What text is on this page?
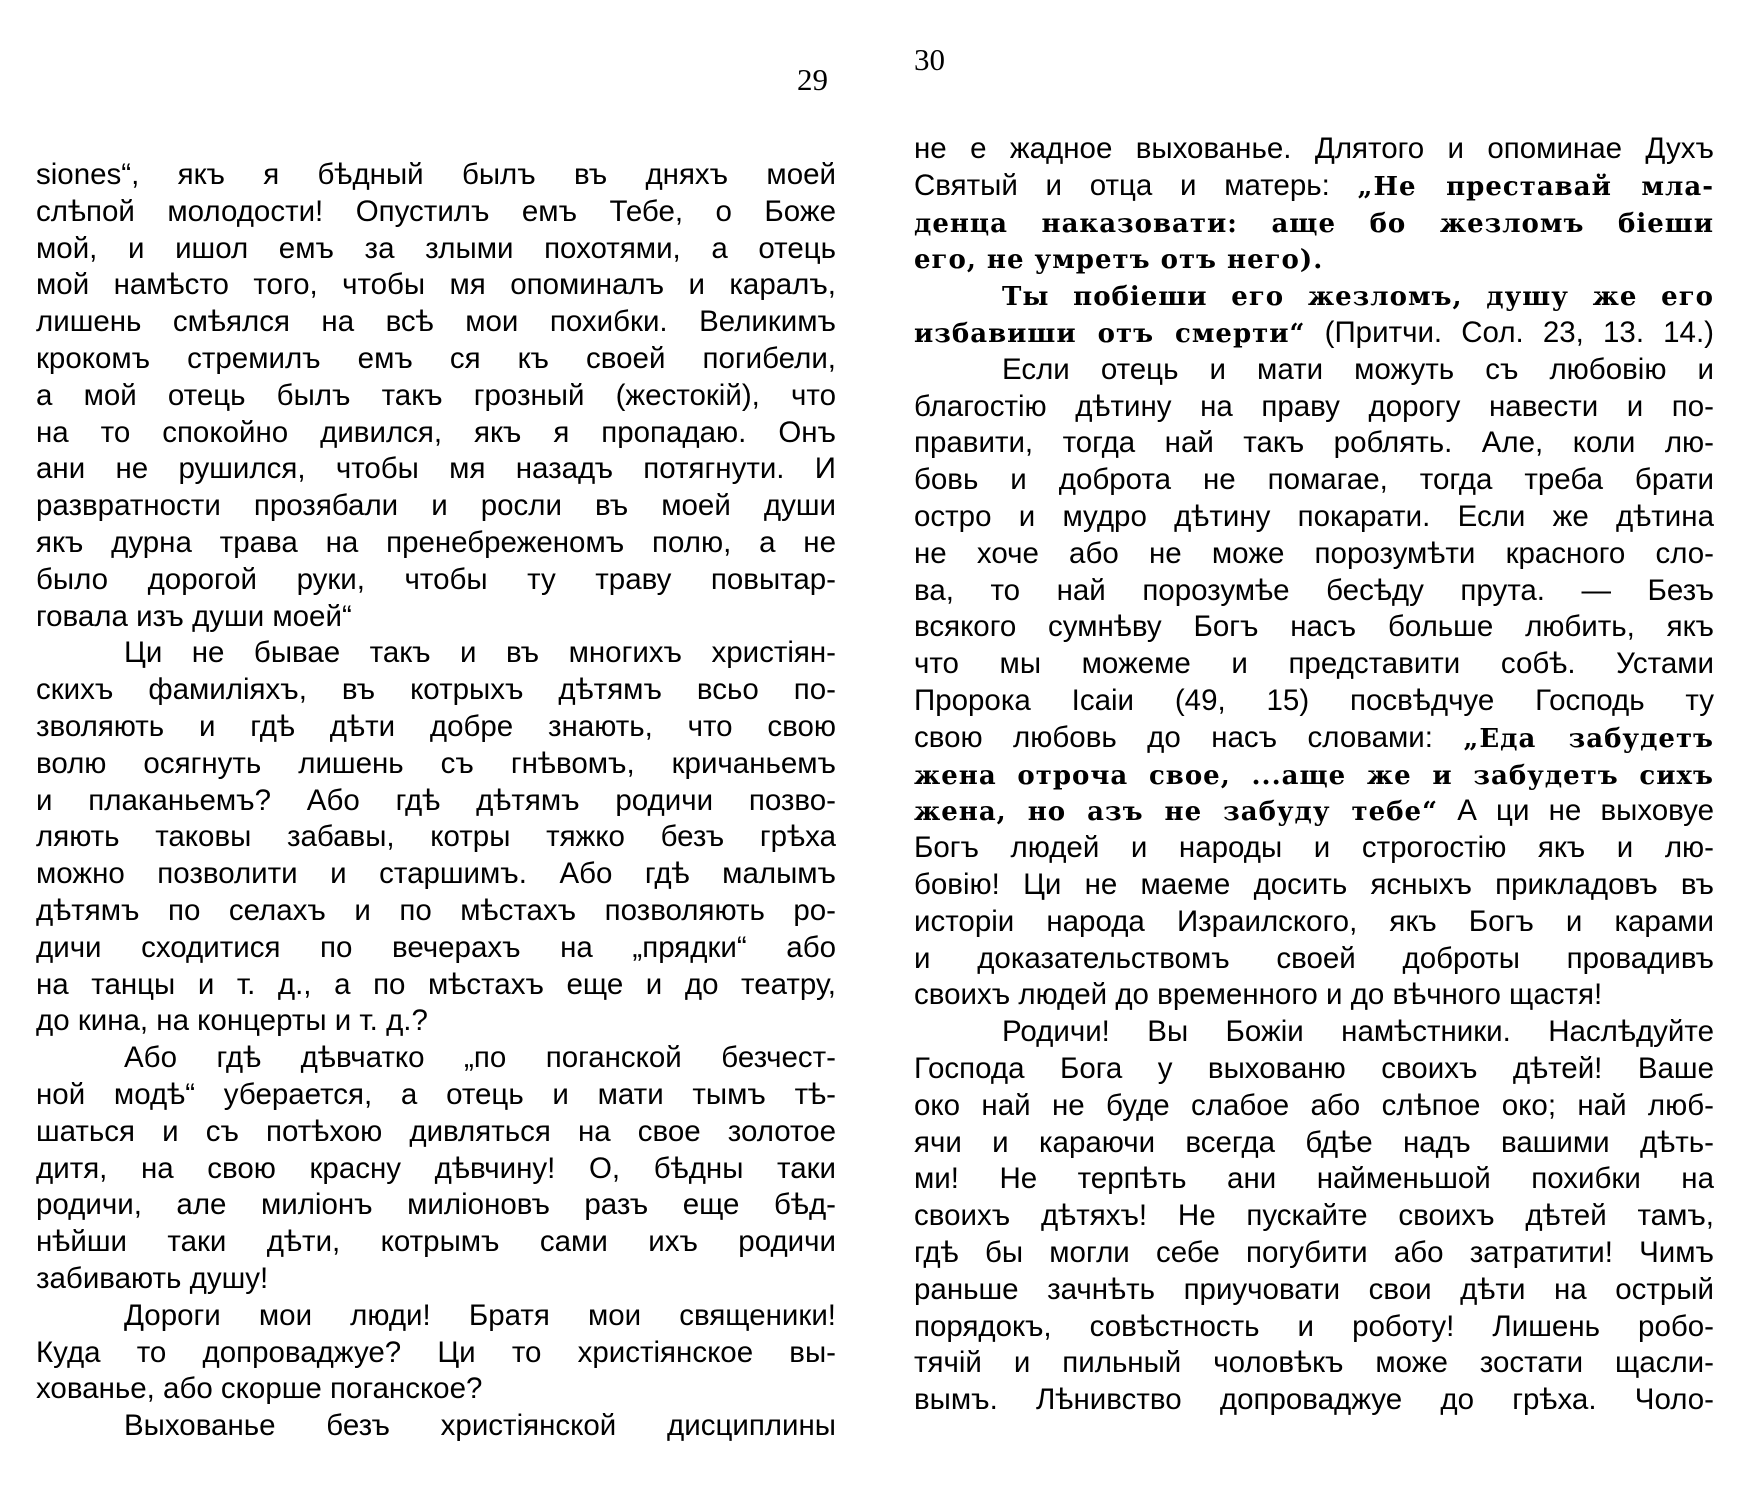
29
siones“, якъ я бѣдный былъ въ дняхъ моей
слѣпой молодости! Опустилъ емъ Тебе, о Боже
мой, и ишол емъ за злыми похотями, а отець
мой намѣсто того, чтобы мя опоминалъ и каралъ,
лишень смѣялся на всѣ мои похибки. Великимъ
крокомъ стремилъ емъ ся къ своей погибели,
а мой отець былъ такъ грозный (жестокій), что
на то спокойно дивился, якъ я пропадаю. Онъ
ани не рушился, чтобы мя назадъ потягнути. И
развратности прозябали и росли въ моей души
якъ дурна трава на пренебреженомъ полю, а не
было дорогой руки, чтобы ту траву повытар-
говала изъ души моей“
Ци не бывае такъ и въ многихъ христіян-
скихъ фамиліяхъ, въ котрыхъ дѣтямъ всьо по-
зволяють и гдѣ дѣти добре знають, что свою
волю осягнуть лишень съ гнѣвомъ, кричаньемъ
и плаканьемъ? Або гдѣ дѣтямъ родичи позво-
ляють таковы забавы, котры тяжко безъ грѣха
можно позволити и старшимъ. Або гдѣ малымъ
дѣтямъ по селахъ и по мѣстахъ позволяють ро-
дичи сходитися по вечерахъ на „прядки“ або
на танцы и т. д., а по мѣстахъ еще и до театру,
до кина, на концерты и т. д.?
Або гдѣ дѣвчатко „по поганской безчест-
ной модѣ“ уберается, а отець и мати тымъ тѣ-
шаться и съ потѣхою дивляться на свое золотое
дитя, на свою красну дѣвчину! О, бѣдны таки
родичи, але миліонъ миліоновъ разъ еще бѣд-
нѣйши таки дѣти, котрымъ сами ихъ родичи
забивають душу!
Дороги мои люди! Братя мои священики!
Куда то допроваджуе? Ци то христіянское вы-
хованье, або скорше поганское?
Выхованье безъ христіянской дисциплины
30
не е жадное выхованье. Длятого и опоминае Духъ
Святый и отца и матерь: „Не преставай мла-
денца наказовати: аще бо жезломъ біеши
его, не умретъ отъ него).
Ты побіеши его жезломъ, душу же его
избавиши отъ смерти“ (Притчи. Сол. 23, 13. 14.)
Если отець и мати можуть съ любовію и
благостію дѣтину на праву дорогу навести и по-
правити, тогда най такъ роблять. Але, коли лю-
бовь и доброта не помагае, тогда треба брати
остро и мудро дѣтину покарати. Если же дѣтина
не хоче або не може порозумѣти красного сло-
ва, то най порозумѣе бесѣду прута. — Безъ
всякого сумнѣву Богъ насъ больше любить, якъ
что мы можеме и представити собѣ. Устами
Пророка Ісаіи (49, 15) посвѣдчуе Господь ту
свою любовь до насъ словами: „Еда забудетъ
жена отроча свое, ...аще же и забудетъ сихъ
жена, но азъ не забуду тебе“ А ци не выховуе
Богъ людей и народы и строгостію якъ и лю-
бовію! Ци не маеме досить ясныхъ прикладовъ въ
исторіи народа Израилского, якъ Богъ и карами
и доказательствомъ своей доброты провадивъ
своихъ людей до временного и до вѣчного щастя!
Родичи! Вы Божіи намѣстники. Наслѣдуйте
Господа Бога у выхованю своихъ дѣтей! Ваше
око най не буде слабое або слѣпое око; най люб-
ячи и караючи всегда бдѣе надъ вашими дѣть-
ми! Не терпѣть ани найменьшой похибки на
своихъ дѣтяхъ! Не пускайте своихъ дѣтей тамъ,
гдѣ бы могли себе погубити або затратити! Чимъ
раньше зачнѣть приучовати свои дѣти на острый
порядокъ, совѣстность и роботу! Лишень робо-
тячій и пильный чоловѣкъ може зостати щасли-
вымъ. Лѣнивство допроваджуе до грѣха. Чоло-
